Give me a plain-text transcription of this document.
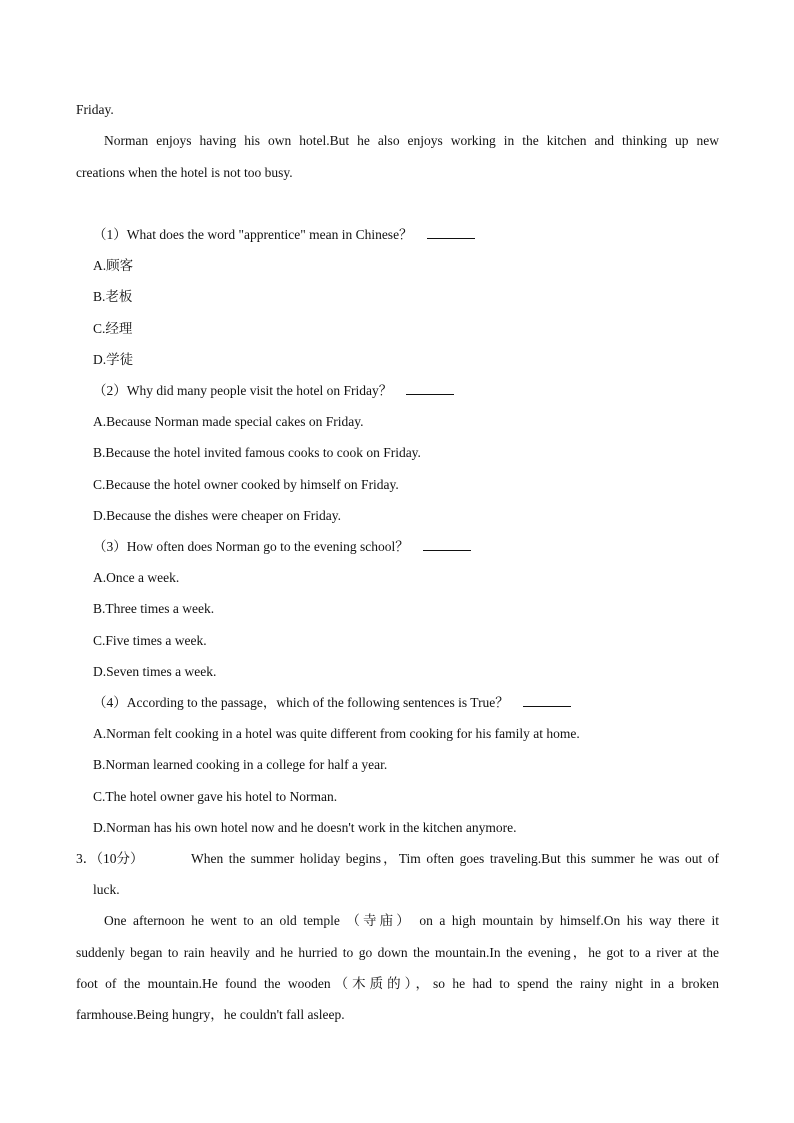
Friday.
Norman enjoys having his own hotel.But he also enjoys working in the kitchen and thinking up new
creations when the hotel is not too busy.
（1）What does the word "apprentice" mean in Chinese？
A.顾客
B.老板
C.经理
D.学徒
（2）Why did many people visit the hotel on Friday？
A.Because Norman made special cakes on Friday.
B.Because the hotel invited famous cooks to cook on Friday.
C.Because the hotel owner cooked by himself on Friday.
D.Because the dishes were cheaper on Friday.
（3）How often does Norman go to the evening school？
A.Once a week.
B.Three times a week.
C.Five times a week.
D.Seven times a week.
（4）According to the passage，which of the following sentences is True？
A.Norman felt cooking in a hotel was quite different from cooking for his family at home.
B.Norman learned cooking in a college for half a year.
C.The hotel owner gave his hotel to Norman.
D.Norman has his own hotel now and he doesn't work in the kitchen anymore.
3．（10分）	When the summer holiday begins，Tim often goes traveling.But this summer he was out of
luck.
One afternoon he went to an old temple （寺庙） on a high mountain by himself.On his way there it
suddenly began to rain heavily and he hurried to go down the mountain.In the evening，he got to a river at the
foot of the mountain.He found the wooden（木质的），so he had to spend the rainy night in a broken
farmhouse.Being hungry，he couldn't fall asleep.
